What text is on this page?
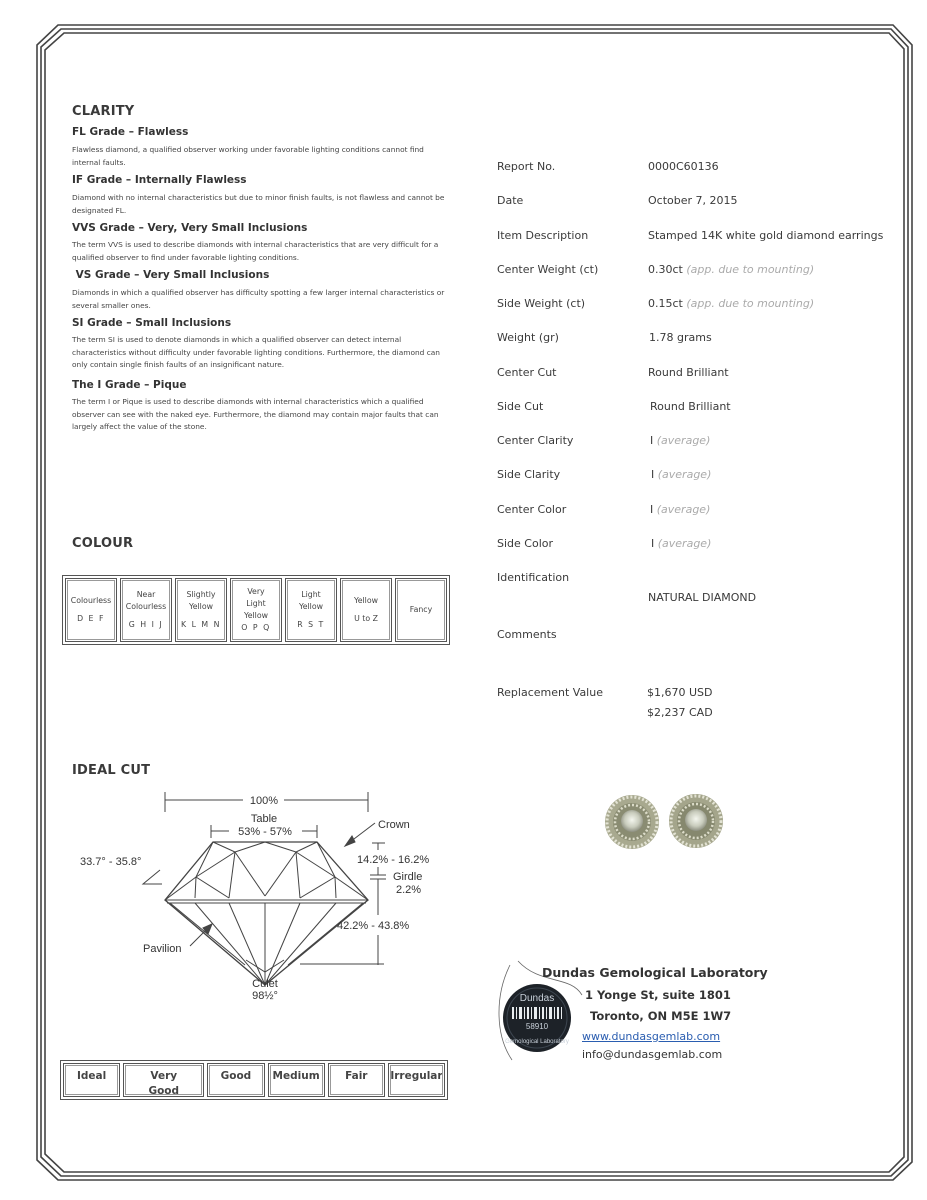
CLARITY
FL Grade – Flawless
Flawless diamond, a qualified observer working under favorable lighting conditions cannot find internal faults.
IF Grade – Internally Flawless
Diamond with no internal characteristics but due to minor finish faults, is not flawless and cannot be designated FL.
VVS Grade – Very, Very Small Inclusions
The term VVS is used to describe diamonds with internal characteristics that are very difficult for a qualified observer to find under favorable lighting conditions.
VS Grade – Very Small Inclusions
Diamonds in which a qualified observer has difficulty spotting a few larger internal characteristics or several smaller ones.
SI Grade – Small Inclusions
The term SI is used to denote diamonds in which a qualified observer can detect internal characteristics without difficulty under favorable lighting conditions. Furthermore, the diamond can only contain single finish faults of an insignificant nature.
The I Grade – Pique
The term I or Pique is used to describe diamonds with internal characteristics which a qualified observer can see with the naked eye. Furthermore, the diamond may contain major faults that can largely affect the value of the stone.
COLOUR
Colourless
D E F
Near Colourless
G H I J
Slightly Yellow
K L M N
Very Light Yellow
O P Q
Light Yellow
R S T
Yellow
U to Z
Fancy
IDEAL CUT
100%
Table
53% - 57%
Crown
33.7° - 35.8°	14.2% - 16.2%
Girdle
2.2%
42.2% - 43.8%
Pavilion
Culet
98½°
Ideal	Very Good
Good	Medium	Fair	Irregular
Report No.	0000C60136
Date	October 7, 2015
Item Description	Stamped 14K white gold diamond earrings
Center Weight (ct)	0.30ct (app. due to mounting)
Side Weight (ct)	0.15ct (app. due to mounting)
Weight (gr)	1.78 grams
Center Cut	Round Brilliant
Side Cut	Round Brilliant
Center Clarity	I (average)
Side Clarity	I (average)
Center Color	I (average)
Side Color	I (average)
Identification
NATURAL DIAMOND
Comments
Replacement Value	$1,670 USD
$2,237 CAD
Dundas
58910
Gemological Laboratory
Dundas Gemological Laboratory
1 Yonge St, suite 1801
Toronto, ON M5E 1W7
www.dundasgemlab.com
info@dundasgemlab.com
